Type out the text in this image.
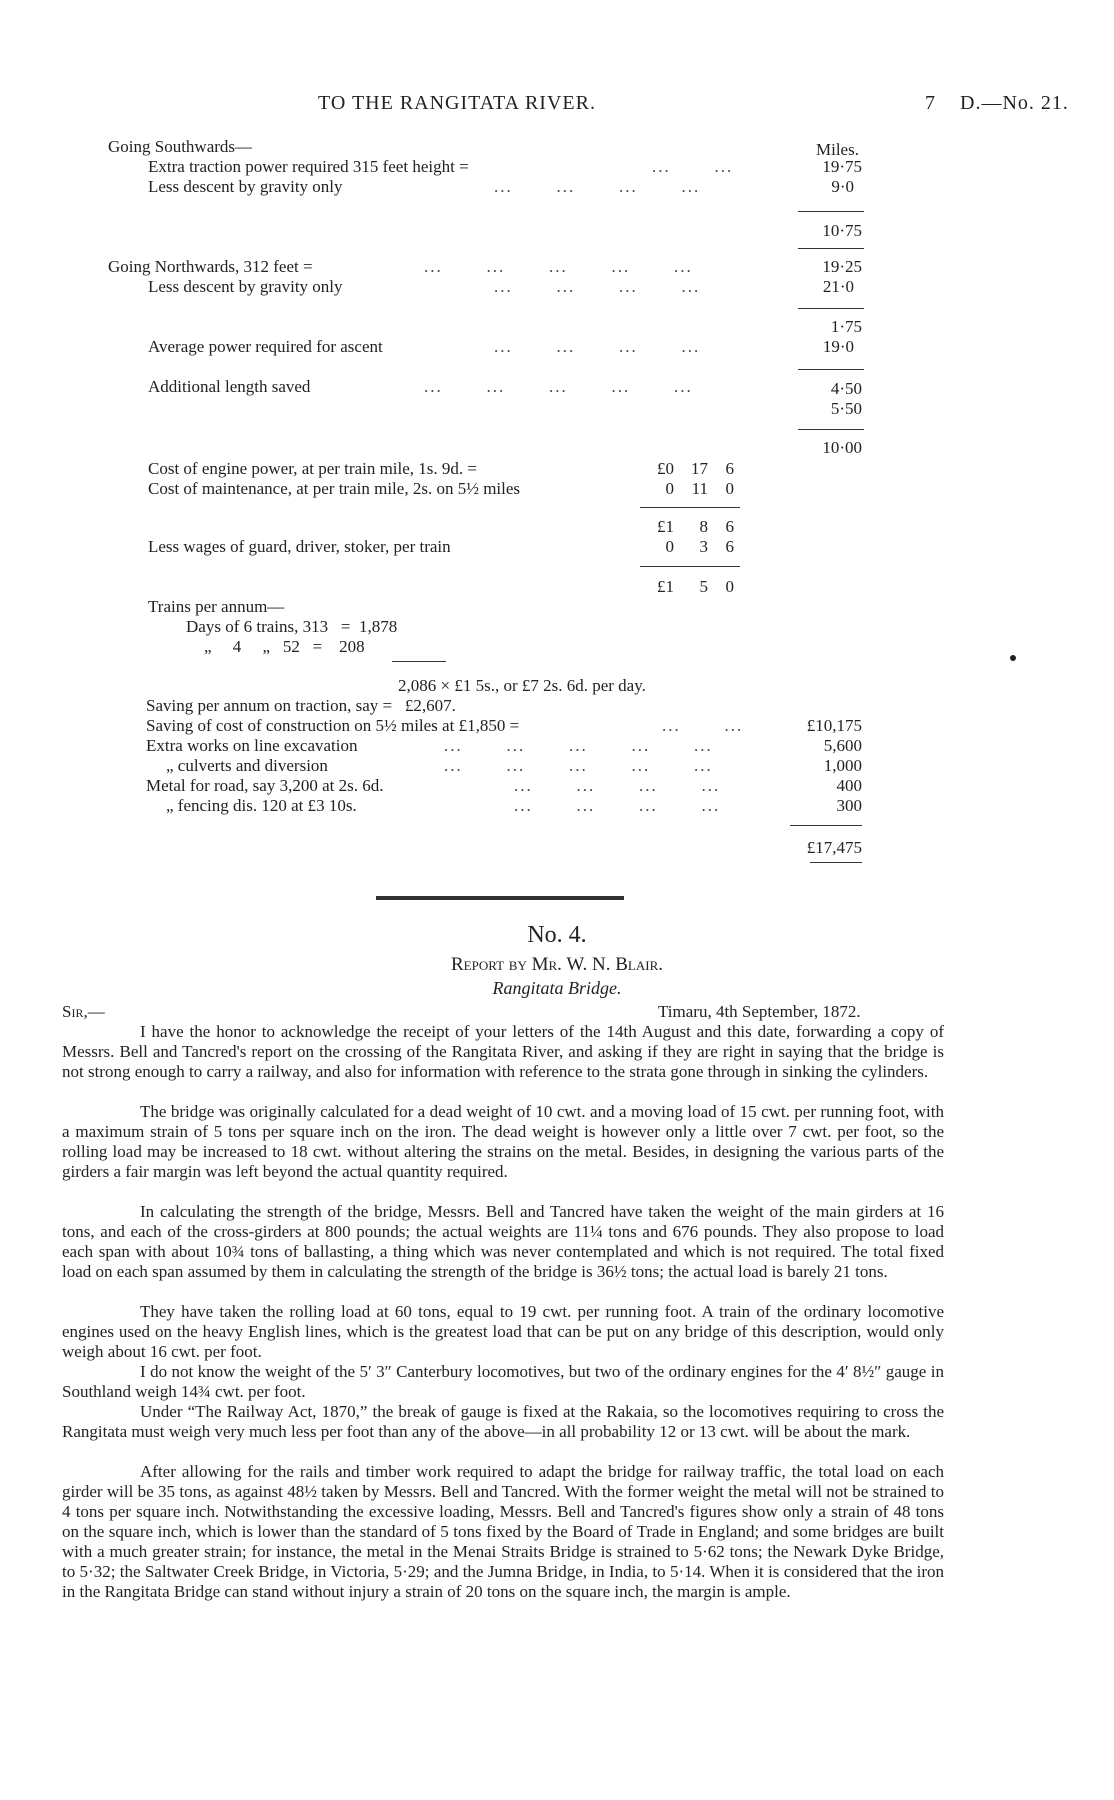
TO THE RANGITATA RIVER.	7 D.—No. 21.
Miles.
Going Southwards—
Extra traction power required 315 feet height =	...       ...	19·75
Less descent by gravity only	...       ...       ...       ...	9·0
10·75
Going Northwards, 312 feet =	...       ...       ...       ...       ...	19·25
Less descent by gravity only	...       ...       ...       ...	21·0
1·75
Average power required for ascent	...       ...       ...       ...	19·0
Additional length saved	...       ...       ...       ...       ...	4·50
5·50
10·00
Cost of engine power, at per train mile, 1s. 9d. =	£0	17	6
Cost of maintenance, at per train mile, 2s. on 5½ miles	0	11	0
£1	8	6
Less wages of guard, driver, stoker, per train	0	3	6
£1	5	0
Trains per annum—
Days of 6 trains, 313   =  1,878
„     4     „   52   =    208
2,086 × £1 5s., or £7 2s. 6d. per day.
Saving per annum on traction, say =   £2,607.
Saving of cost of construction on 5½ miles at £1,850 =	...       ...	£10,175
Extra works on line excavation	...       ...       ...       ...       ...	5,600
„ culverts and diversion	...       ...       ...       ...       ...	1,000
Metal for road, say 3,200 at 2s. 6d.	...       ...       ...       ...	400
„ fencing dis. 120 at £3 10s.	...       ...       ...       ...	300
£17,475
No. 4.
Report by Mr. W. N. Blair.
Rangitata Bridge.
Sir,—	Timaru, 4th September, 1872.
I have the honor to acknowledge the receipt of your letters of the 14th August and this date, forwarding a copy of Messrs. Bell and Tancred's report on the crossing of the Rangitata River, and asking if they are right in saying that the bridge is not strong enough to carry a railway, and also for information with reference to the strata gone through in sinking the cylinders.
The bridge was originally calculated for a dead weight of 10 cwt. and a moving load of 15 cwt. per running foot, with a maximum strain of 5 tons per square inch on the iron. The dead weight is however only a little over 7 cwt. per foot, so the rolling load may be increased to 18 cwt. without altering the strains on the metal. Besides, in designing the various parts of the girders a fair margin was left beyond the actual quantity required.
In calculating the strength of the bridge, Messrs. Bell and Tancred have taken the weight of the main girders at 16 tons, and each of the cross-girders at 800 pounds; the actual weights are 11¼ tons and 676 pounds. They also propose to load each span with about 10¾ tons of ballasting, a thing which was never contemplated and which is not required. The total fixed load on each span assumed by them in calculating the strength of the bridge is 36½ tons; the actual load is barely 21 tons.
They have taken the rolling load at 60 tons, equal to 19 cwt. per running foot. A train of the ordinary locomotive engines used on the heavy English lines, which is the greatest load that can be put on any bridge of this description, would only weigh about 16 cwt. per foot.
I do not know the weight of the 5′ 3″ Canterbury locomotives, but two of the ordinary engines for the 4′ 8½″ gauge in Southland weigh 14¾ cwt. per foot.
Under “The Railway Act, 1870,” the break of gauge is fixed at the Rakaia, so the locomotives requiring to cross the Rangitata must weigh very much less per foot than any of the above—in all probability 12 or 13 cwt. will be about the mark.
After allowing for the rails and timber work required to adapt the bridge for railway traffic, the total load on each girder will be 35 tons, as against 48½ taken by Messrs. Bell and Tancred. With the former weight the metal will not be strained to 4 tons per square inch. Notwithstanding the excessive loading, Messrs. Bell and Tancred's figures show only a strain of 48 tons on the square inch, which is lower than the standard of 5 tons fixed by the Board of Trade in England; and some bridges are built with a much greater strain; for instance, the metal in the Menai Straits Bridge is strained to 5·62 tons; the Newark Dyke Bridge, to 5·32; the Saltwater Creek Bridge, in Victoria, 5·29; and the Jumna Bridge, in India, to 5·14. When it is considered that the iron in the Rangitata Bridge can stand without injury a strain of 20 tons on the square inch, the margin is ample.
